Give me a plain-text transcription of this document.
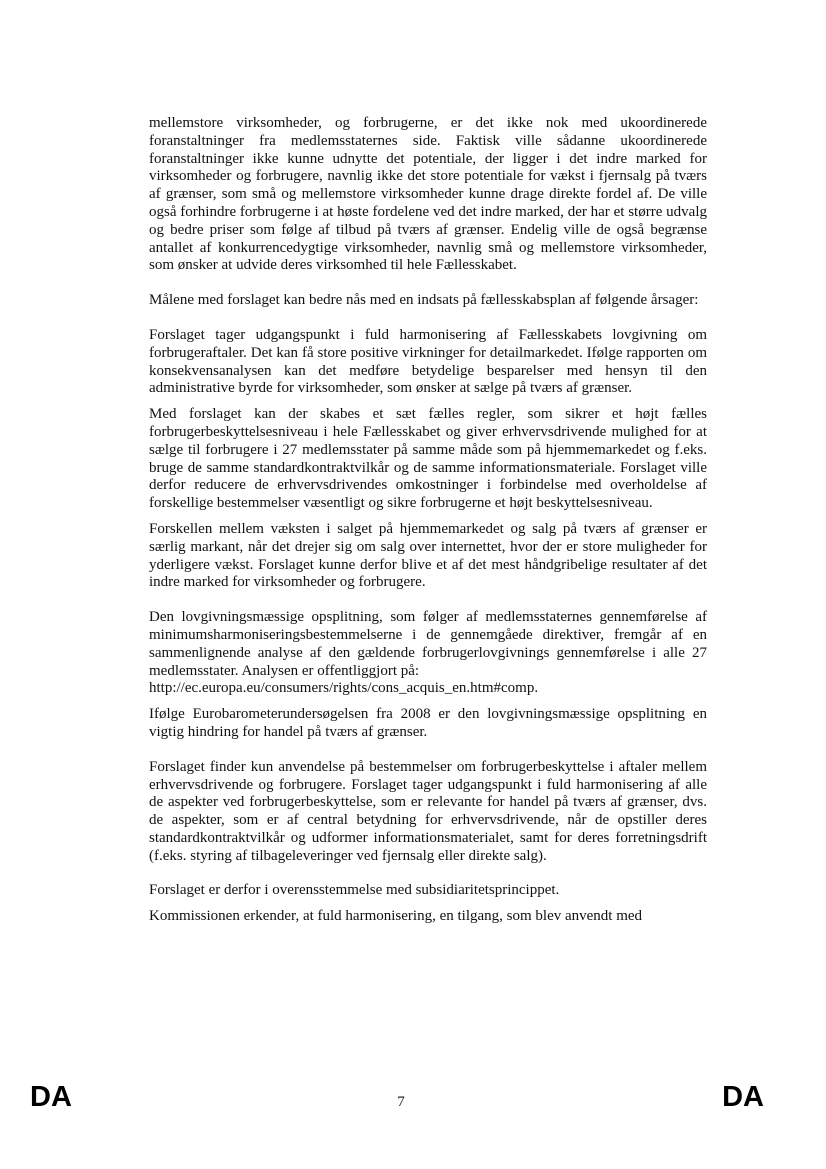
mellemstore virksomheder, og forbrugerne, er det ikke nok med ukoordinerede foranstaltninger fra medlemsstaternes side. Faktisk ville sådanne ukoordinerede foranstaltninger ikke kunne udnytte det potentiale, der ligger i det indre marked for virksomheder og forbrugere, navnlig ikke det store potentiale for vækst i fjernsalg på tværs af grænser, som små og mellemstore virksomheder kunne drage direkte fordel af. De ville også forhindre forbrugerne i at høste fordelene ved det indre marked, der har et større udvalg og bedre priser som følge af tilbud på tværs af grænser. Endelig ville de også begrænse antallet af konkurrencedygtige virksomheder, navnlig små og mellemstore virksomheder, som ønsker at udvide deres virksomhed til hele Fællesskabet.

Målene med forslaget kan bedre nås med en indsats på fællesskabsplan af følgende årsager:

Forslaget tager udgangspunkt i fuld harmonisering af Fællesskabets lovgivning om forbrugeraftaler. Det kan få store positive virkninger for detailmarkedet. Ifølge rapporten om konsekvensanalysen kan det medføre betydelige besparelser med hensyn til den administrative byrde for virksomheder, som ønsker at sælge på tværs af grænser.

Med forslaget kan der skabes et sæt fælles regler, som sikrer et højt fælles forbrugerbeskyttelsesniveau i hele Fællesskabet og giver erhvervsdrivende mulighed for at sælge til forbrugere i 27 medlemsstater på samme måde som på hjemmemarkedet og f.eks. bruge de samme standardkontraktvilkår og de samme informationsmateriale. Forslaget ville derfor reducere de erhvervsdrivendes omkostninger i forbindelse med overholdelse af forskellige bestemmelser væsentligt og sikre forbrugerne et højt beskyttelsesniveau.

Forskellen mellem væksten i salget på hjemmemarkedet og salg på tværs af grænser er særlig markant, når det drejer sig om salg over internettet, hvor der er store muligheder for yderligere vækst. Forslaget kunne derfor blive et af det mest håndgribelige resultater af det indre marked for virksomheder og forbrugere.

Den lovgivningsmæssige opsplitning, som følger af medlemsstaternes gennemførelse af minimumsharmoniseringsbestemmelserne i de gennemgåede direktiver, fremgår af en sammenlignende analyse af den gældende forbrugerlovgivnings gennemførelse i alle 27 medlemsstater. Analysen er offentliggjort på:

http://ec.europa.eu/consumers/rights/cons_acquis_en.htm#comp.

Ifølge Eurobarometerundersøgelsen fra 2008 er den lovgivningsmæssige opsplitning en vigtig hindring for handel på tværs af grænser.

Forslaget finder kun anvendelse på bestemmelser om forbrugerbeskyttelse i aftaler mellem erhvervsdrivende og forbrugere. Forslaget tager udgangspunkt i fuld harmonisering af alle de aspekter ved forbrugerbeskyttelse, som er relevante for handel på tværs af grænser, dvs. de aspekter, som er af central betydning for erhvervsdrivende, når de opstiller deres standardkontraktvilkår og udformer informationsmaterialet, samt for deres forretningsdrift (f.eks. styring af tilbageleveringer ved fjernsalg eller direkte salg).

Forslaget er derfor i overensstemmelse med subsidiaritetsprincippet.

Kommissionen erkender, at fuld harmonisering, en tilgang, som blev anvendt med

DA	7	DA
